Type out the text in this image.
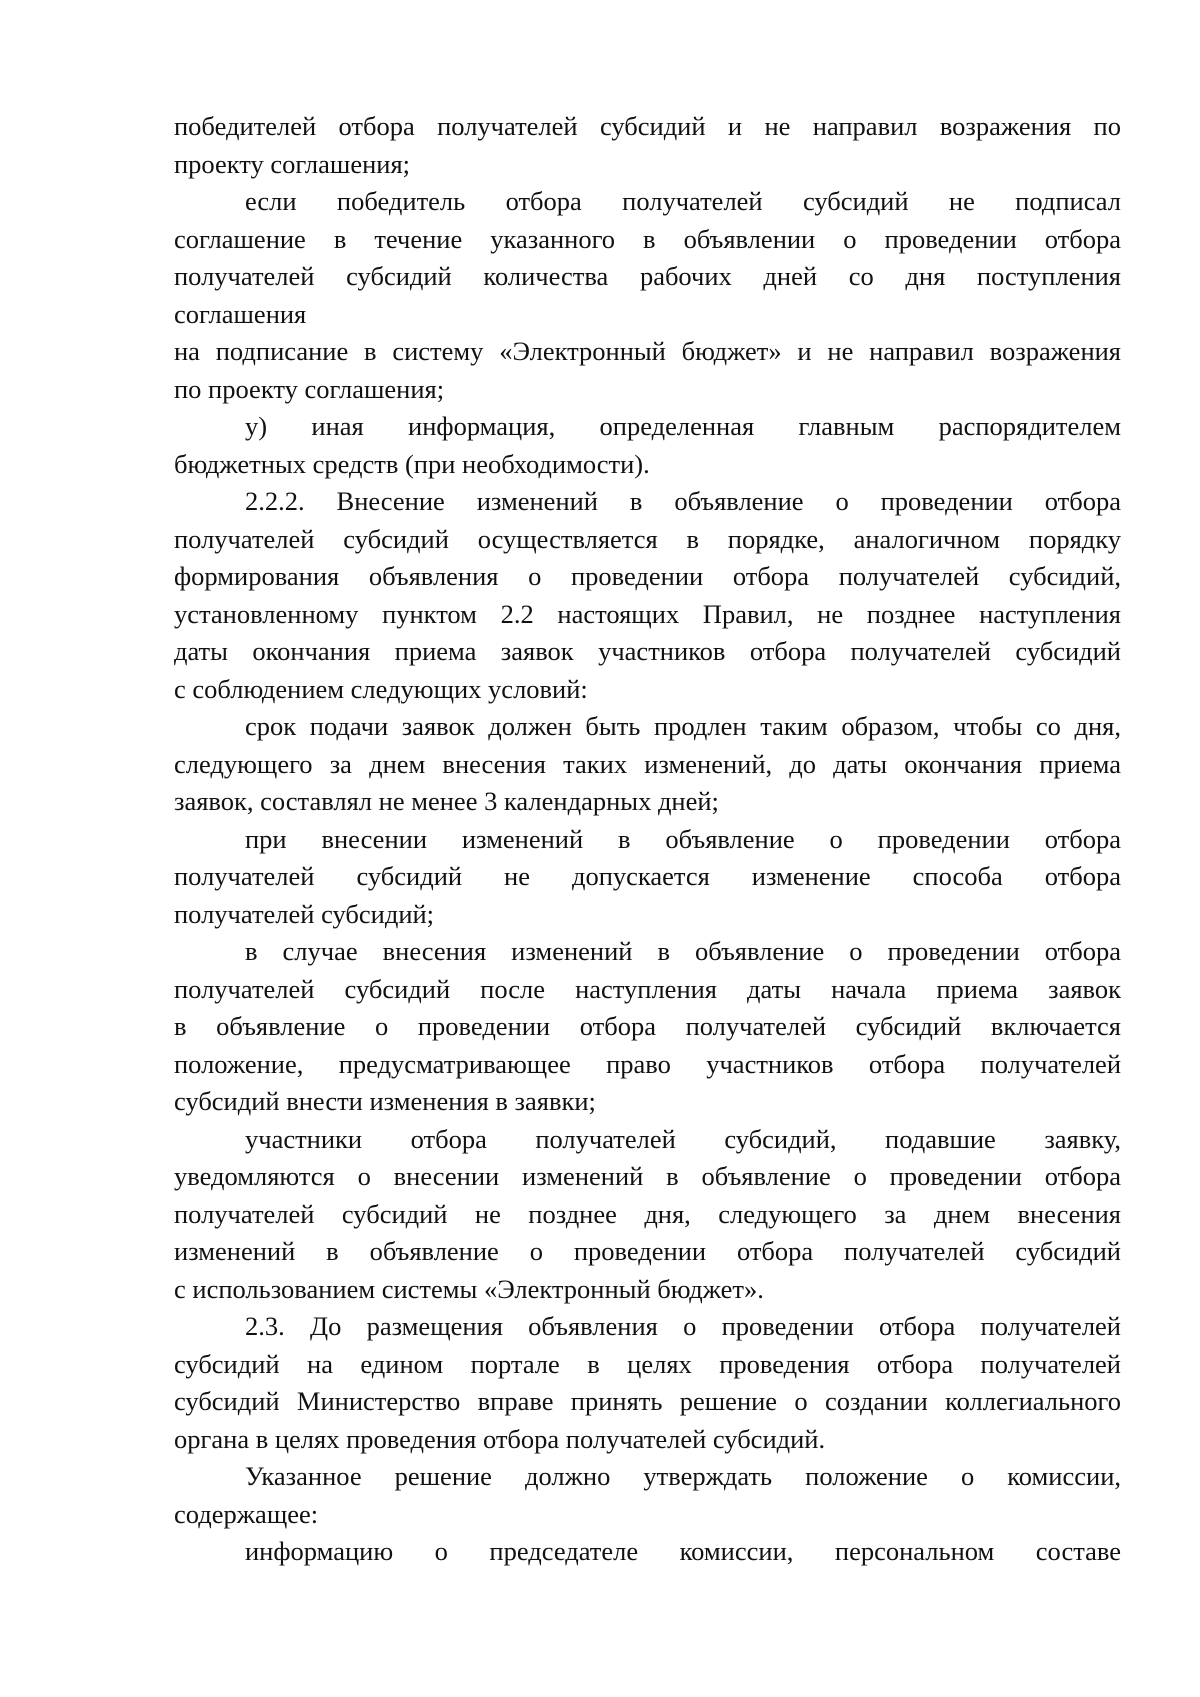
победителей отбора получателей субсидий и не направил возражения по
проекту соглашения;
если победитель отбора получателей субсидий не подписал
соглашение в течение указанного в объявлении о проведении отбора
получателей субсидий количества рабочих дней со дня поступления
соглашения
на подписание в систему «Электронный бюджет» и не направил возражения
по проекту соглашения;
у) иная информация, определенная главным распорядителем
бюджетных средств (при необходимости).
2.2.2. Внесение изменений в объявление о проведении отбора
получателей субсидий осуществляется в порядке, аналогичном порядку
формирования объявления о проведении отбора получателей субсидий,
установленному пунктом 2.2 настоящих Правил, не позднее наступления
даты окончания приема заявок участников отбора получателей субсидий
с соблюдением следующих условий:
срок подачи заявок должен быть продлен таким образом, чтобы со дня,
следующего за днем внесения таких изменений, до даты окончания приема
заявок, составлял не менее 3 календарных дней;
при внесении изменений в объявление о проведении отбора
получателей субсидий не допускается изменение способа отбора
получателей субсидий;
в случае внесения изменений в объявление о проведении отбора
получателей субсидий после наступления даты начала приема заявок
в объявление о проведении отбора получателей субсидий включается
положение, предусматривающее право участников отбора получателей
субсидий внести изменения в заявки;
участники отбора получателей субсидий, подавшие заявку,
уведомляются о внесении изменений в объявление о проведении отбора
получателей субсидий не позднее дня, следующего за днем внесения
изменений в объявление о проведении отбора получателей субсидий
с использованием системы «Электронный бюджет».
2.3. До размещения объявления о проведении отбора получателей
субсидий на едином портале в целях проведения отбора получателей
субсидий Министерство вправе принять решение о создании коллегиального
органа в целях проведения отбора получателей субсидий.
Указанное решение должно утверждать положение о комиссии,
содержащее:
информацию о председателе комиссии, персональном составе
